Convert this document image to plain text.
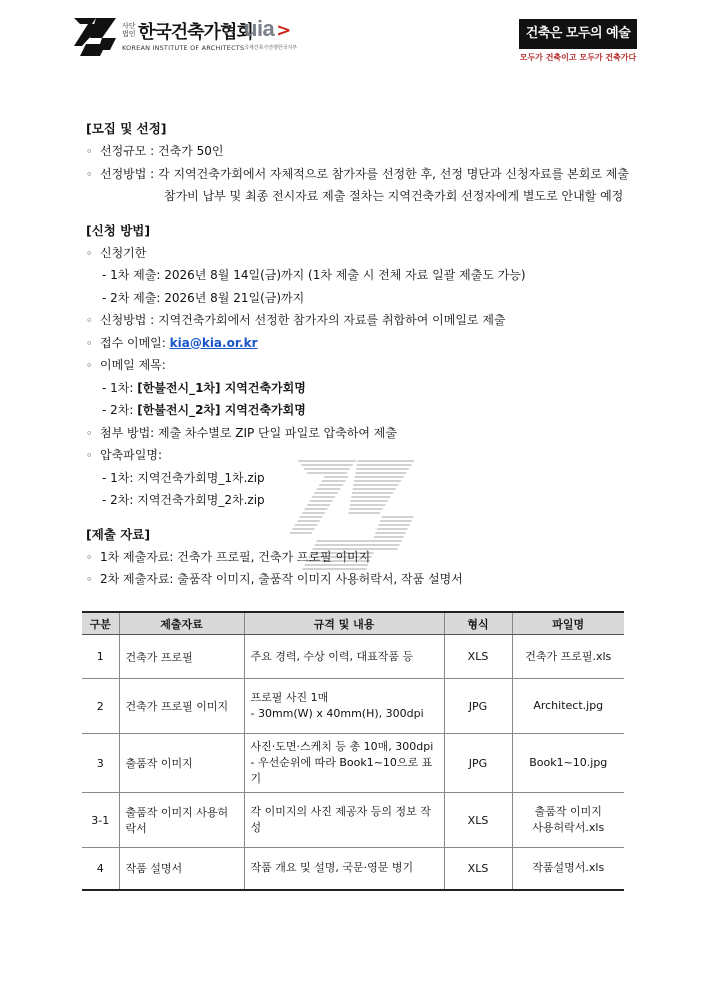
사단법인 한국건축가협회
KOREAN INSTITUTE OF ARCHITECTS
uia >
국제건축가연맹한국지부
건축은 모두의 예술
모두가 건축이고 모두가 건축가다
[모집 및 선정]
◦ 선정규모 : 건축가 50인
◦ 선정방법 : 각 지역건축가회에서 자체적으로 참가자를 선정한 후, 선정 명단과 신청자료를 본회로 제출
참가비 납부 및 최종 전시자료 제출 절차는 지역건축가회 선정자에게 별도로 안내할 예정
[신청 방법]
◦ 신청기한
- 1차 제출: 2026년 8월 14일(금)까지 (1차 제출 시 전체 자료 일괄 제출도 가능)
- 2차 제출: 2026년 8월 21일(금)까지
◦ 신청방법 : 지역건축가회에서 선정한 참가자의 자료를 취합하여 이메일로 제출
◦ 접수 이메일: kia@kia.or.kr
◦ 이메일 제목:
- 1차: [한불전시_1차] 지역건축가회명
- 2차: [한불전시_2차] 지역건축가회명
◦ 첨부 방법: 제출 차수별로 ZIP 단일 파일로 압축하여 제출
◦ 압축파일명:
- 1차: 지역건축가회명_1차.zip
- 2차: 지역건축가회명_2차.zip
[제출 자료]
◦ 1차 제출자료: 건축가 프로필, 건축가 프로필 이미지
◦ 2차 제출자료: 출품작 이미지, 출품작 이미지 사용허락서, 작품 설명서
구분	제출자료	규격 및 내용	형식	파일명
1	건축가 프로필	주요 경력, 수상 이력, 대표작품 등	XLS	건축가 프로필.xls

2	건축가 프로필 이미지	프로필 사진 1매
- 30mm(W) x 40mm(H), 300dpi	JPG	Architect.jpg

3	출품작 이미지	사진·도면·스케치 등 총 10매, 300dpi
- 우선순위에 따라 Book1~10으로 표기	JPG	Book1~10.jpg

3-1	출품작 이미지 사용허락서	각 이미지의 사진 제공자 등의 정보 작성	XLS	출품작 이미지
사용허락서.xls

4	작품 설명서	작품 개요 및 설명, 국문·영문 병기	XLS	작품설명서.xls
